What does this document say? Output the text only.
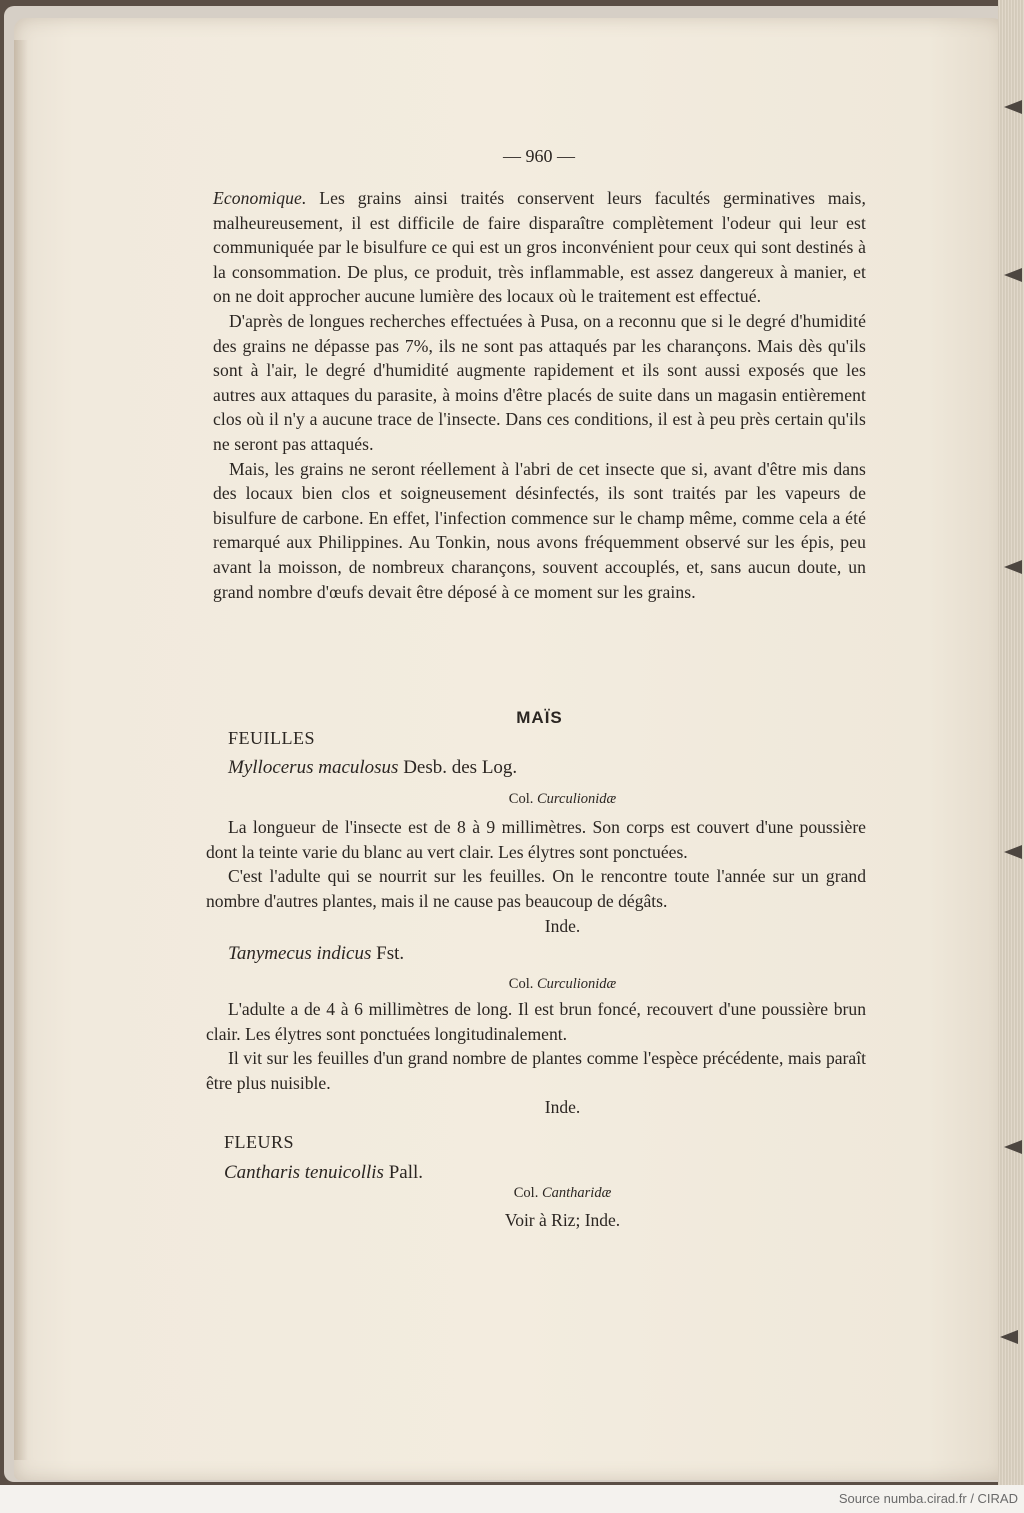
— 960 —

Economique. Les grains ainsi traités conservent leurs facultés germinatives mais, malheureusement, il est difficile de faire disparaître complètement l'odeur qui leur est communiquée par le bisulfure ce qui est un gros inconvénient pour ceux qui sont destinés à la consommation. De plus, ce produit, très inflammable, est assez dangereux à manier, et on ne doit approcher aucune lumière des locaux où le traitement est effectué.

D'après de longues recherches effectuées à Pusa, on a reconnu que si le degré d'humidité des grains ne dépasse pas 7%, ils ne sont pas attaqués par les charançons. Mais dès qu'ils sont à l'air, le degré d'humidité augmente rapidement et ils sont aussi exposés que les autres aux attaques du parasite, à moins d'être placés de suite dans un magasin entièrement clos où il n'y a aucune trace de l'insecte. Dans ces conditions, il est à peu près certain qu'ils ne seront pas attaqués.

Mais, les grains ne seront réellement à l'abri de cet insecte que si, avant d'être mis dans des locaux bien clos et soigneusement désinfectés, ils sont traités par les vapeurs de bisulfure de carbone. En effet, l'infection commence sur le champ même, comme cela a été remarqué aux Philippines. Au Tonkin, nous avons fréquemment observé sur les épis, peu avant la moisson, de nombreux charançons, souvent accouplés, et, sans aucun doute, un grand nombre d'œufs devait être déposé à ce moment sur les grains.

MAÏS
FEUILLES
Myllocerus maculosus Desb. des Log.
Col. Curculionidæ

La longueur de l'insecte est de 8 à 9 millimètres. Son corps est couvert d'une poussière dont la teinte varie du blanc au vert clair. Les élytres sont ponctuées.

C'est l'adulte qui se nourrit sur les feuilles. On le rencontre toute l'année sur un grand nombre d'autres plantes, mais il ne cause pas beaucoup de dégâts.

Inde.
Tanymecus indicus Fst.
Col. Curculionidæ

L'adulte a de 4 à 6 millimètres de long. Il est brun foncé, recouvert d'une poussière brun clair. Les élytres sont ponctuées longitudinalement.

Il vit sur les feuilles d'un grand nombre de plantes comme l'espèce précédente, mais paraît être plus nuisible.

Inde.
FLEURS
Cantharis tenuicollis Pall.
Col. Cantharidæ
Voir à Riz; Inde.
Source numba.cirad.fr / CIRAD
